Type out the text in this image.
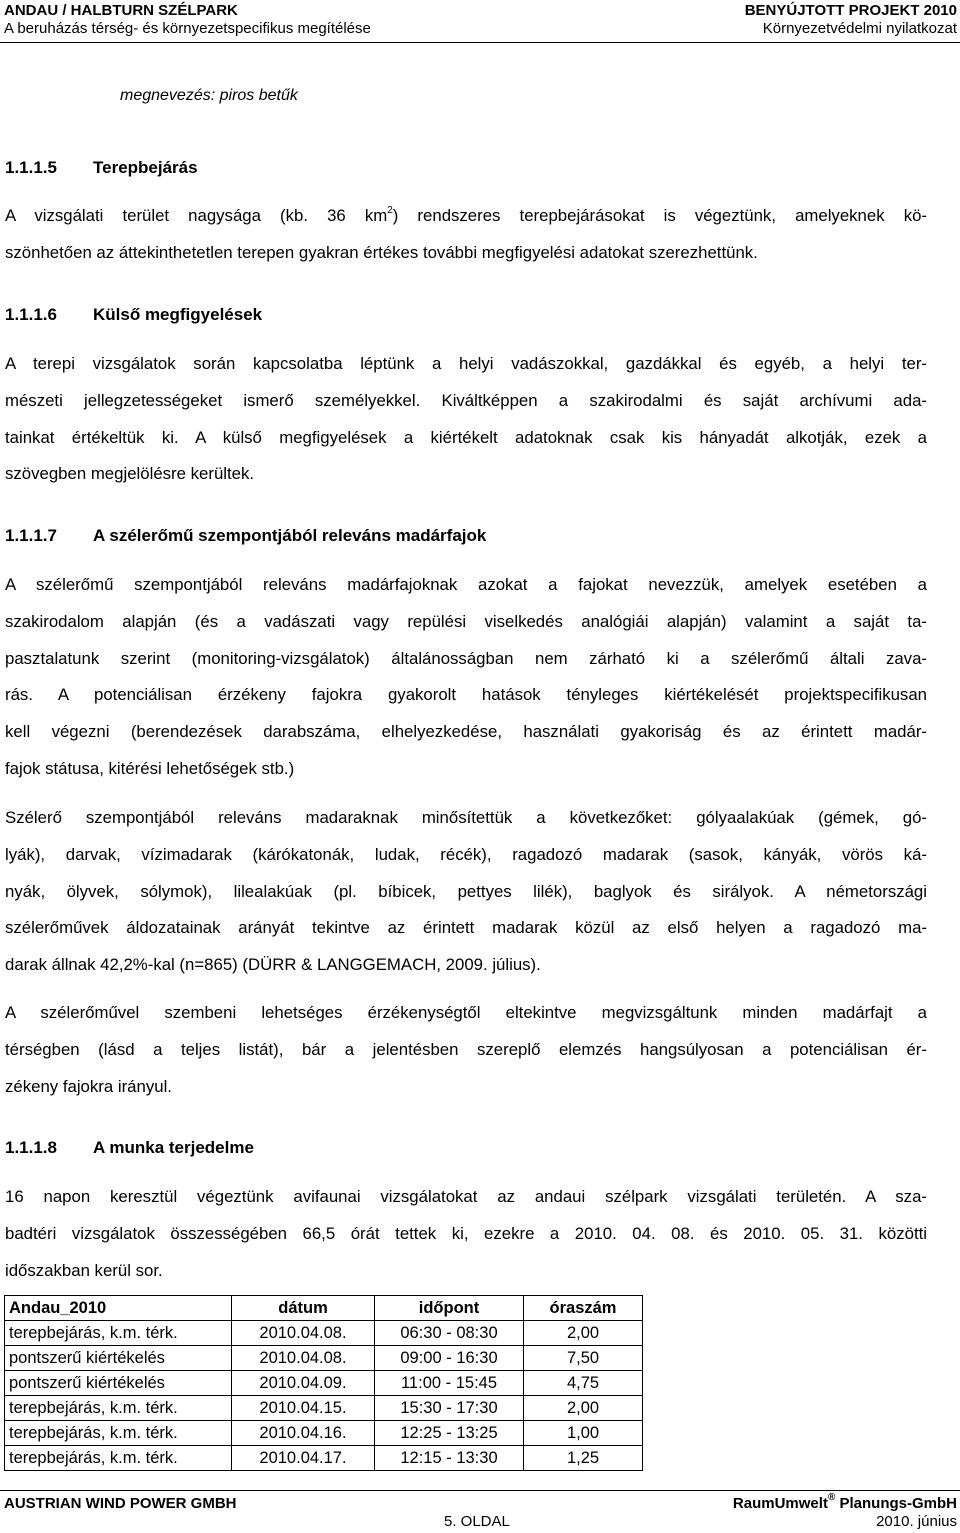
ANDAU / HALBTURN SZÉLPARK
A beruházás térség- és környezetspecifikus megítélése
BENYÚJTOTT PROJEKT 2010
Környezetvédelmi nyilatkozat
megnevezés: piros betűk
1.1.1.5 Terepbejárás
A vizsgálati terület nagysága (kb. 36 $km^2$) rendszeres terepbejárásokat is végeztünk, amelyeknek kö-
szönhetően az áttekinthetetlen terepen gyakran értékes további megfigyelési adatokat szerezhettünk.
1.1.1.6 Külső megfigyelések
A terepi vizsgálatok során kapcsolatba léptünk a helyi vadászokkal, gazdákkal és egyéb, a helyi ter-
mészeti jellegzetességeket ismerő személyekkel. Kiváltképpen a szakirodalmi és saját archívumi ada-
tainkat értékeltük ki. A külső megfigyelések a kiértékelt adatoknak csak kis hányadát alkotják, ezek a
szövegben megjelölésre kerültek.
1.1.1.7 A szélerőmű szempontjából releváns madárfajok
A szélerőmű szempontjából releváns madárfajoknak azokat a fajokat nevezzük, amelyek esetében a
szakirodalom alapján (és a vadászati vagy repülési viselkedés analógiái alapján) valamint a saját ta-
pasztalatunk szerint (monitoring-vizsgálatok) általánosságban nem zárható ki a szélerőmű általi zava-
rás. A potenciálisan érzékeny fajokra gyakorolt hatások tényleges kiértékelését projektspecifikusan
kell végezni (berendezések darabszáma, elhelyezkedése, használati gyakoriság és az érintett madár-
fajok státusa, kitérési lehetőségek stb.)
Szélerő szempontjából releváns madaraknak minősítettük a következőket: gólyaalakúak (gémek, gó-
lyák), darvak, vízimadarak (kárókatonák, ludak, récék), ragadozó madarak (sasok, kányák, vörös ká-
nyák, ölyvek, sólymok), lilealakúak (pl. bíbicek, pettyes lilék), baglyok és sirályok. A németországi
szélerőművek áldozatainak arányát tekintve az érintett madarak közül az első helyen a ragadozó ma-
darak állnak 42,2%-kal (n=865) (DÜRR & LANGGEMACH, 2009. július).
A szélerőművel szembeni lehetséges érzékenységtől eltekintve megvizsgáltunk minden madárfajt a
térségben (lásd a teljes listát), bár a jelentésben szereplő elemzés hangsúlyosan a potenciálisan ér-
zékeny fajokra irányul.
1.1.1.8 A munka terjedelme
16 napon keresztül végeztünk avifaunai vizsgálatokat az andaui szélpark vizsgálati területén. A sza-
badtéri vizsgálatok összességében 66,5 órát tettek ki, ezekre a 2010. 04. 08. és 2010. 05. 31. közötti
időszakban kerül sor.
Andau_2010	dátum	időpont	óraszám
terepbejárás, k.m. térk.	2010.04.08.	06:30 - 08:30	2,00
pontszerű kiértékelés	2010.04.08.	09:00 - 16:30	7,50
pontszerű kiértékelés	2010.04.09.	11:00 - 15:45	4,75
terepbejárás, k.m. térk.	2010.04.15.	15:30 - 17:30	2,00
terepbejárás, k.m. térk.	2010.04.16.	12:25 - 13:25	1,00
terepbejárás, k.m. térk.	2010.04.17.	12:15 - 13:30	1,25
AUSTRIAN WIND POWER GMBH
5. OLDAL
RaumUmwelt® Planungs-GmbH
2010. június
